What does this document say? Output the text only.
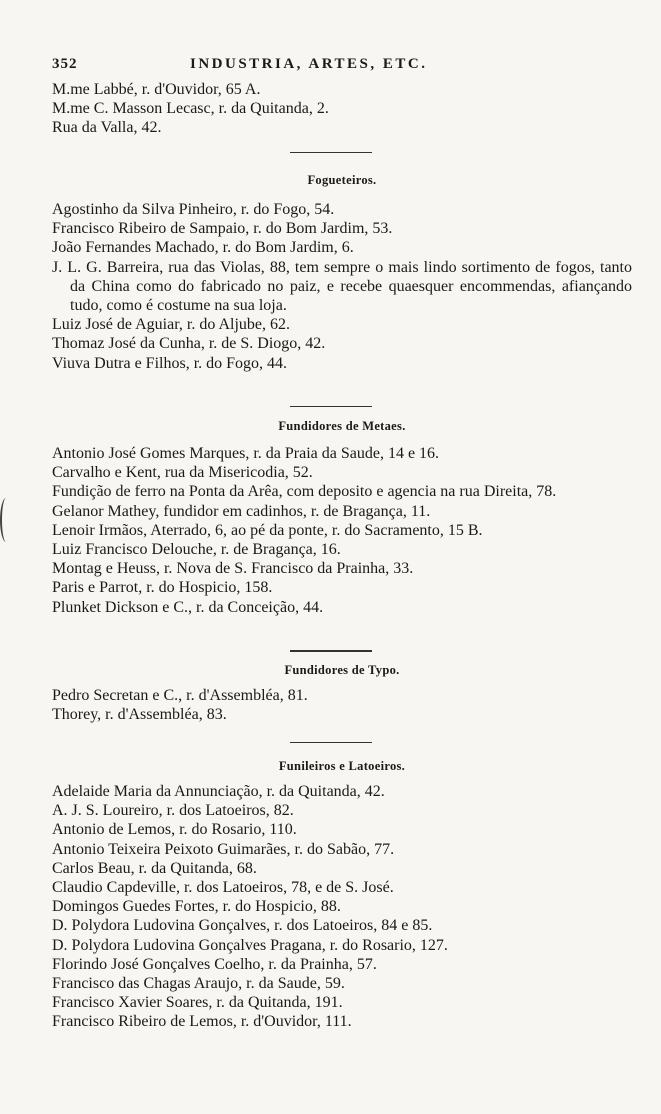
352	INDUSTRIA, ARTES, ETC.
M.me Labbé, r. d'Ouvidor, 65 A.
M.me C. Masson Lecasc, r. da Quitanda, 2.
Rua da Valla, 42.
Fogueteiros.
Agostinho da Silva Pinheiro, r. do Fogo, 54.
Francisco Ribeiro de Sampaio, r. do Bom Jardim, 53.
João Fernandes Machado, r. do Bom Jardim, 6.
J. L. G. Barreira, rua das Violas, 88, tem sempre o mais lindo sortimento de fogos, tanto da China como do fabricado no paiz, e recebe quaesquer encommendas, afiançando tudo, como é costume na sua loja.
Luiz José de Aguiar, r. do Aljube, 62.
Thomaz José da Cunha, r. de S. Diogo, 42.
Viuva Dutra e Filhos, r. do Fogo, 44.
Fundidores de Metaes.
Antonio José Gomes Marques, r. da Praia da Saude, 14 e 16.
Carvalho e Kent, rua da Misericodia, 52.
Fundição de ferro na Ponta da Arêa, com deposito e agencia na rua Direita, 78.
Gelanor Mathey, fundidor em cadinhos, r. de Bragança, 11.
Lenoir Irmãos, Aterrado, 6, ao pé da ponte, r. do Sacramento, 15 B.
Luiz Francisco Delouche, r. de Bragança, 16.
Montag e Heuss, r. Nova de S. Francisco da Prainha, 33.
Paris e Parrot, r. do Hospicio, 158.
Plunket Dickson e C., r. da Conceição, 44.
Fundidores de Typo.
Pedro Secretan e C., r. d'Assembléa, 81.
Thorey, r. d'Assembléa, 83.
Funileiros e Latoeiros.
Adelaide Maria da Annunciação, r. da Quitanda, 42.
A. J. S. Loureiro, r. dos Latoeiros, 82.
Antonio de Lemos, r. do Rosario, 110.
Antonio Teixeira Peixoto Guimarães, r. do Sabão, 77.
Carlos Beau, r. da Quitanda, 68.
Claudio Capdeville, r. dos Latoeiros, 78, e de S. José.
Domingos Guedes Fortes, r. do Hospicio, 88.
D. Polydora Ludovina Gonçalves, r. dos Latoeiros, 84 e 85.
D. Polydora Ludovina Gonçalves Pragana, r. do Rosario, 127.
Florindo José Gonçalves Coelho, r. da Prainha, 57.
Francisco das Chagas Araujo, r. da Saude, 59.
Francisco Xavier Soares, r. da Quitanda, 191.
Francisco Ribeiro de Lemos, r. d'Ouvidor, 111.
